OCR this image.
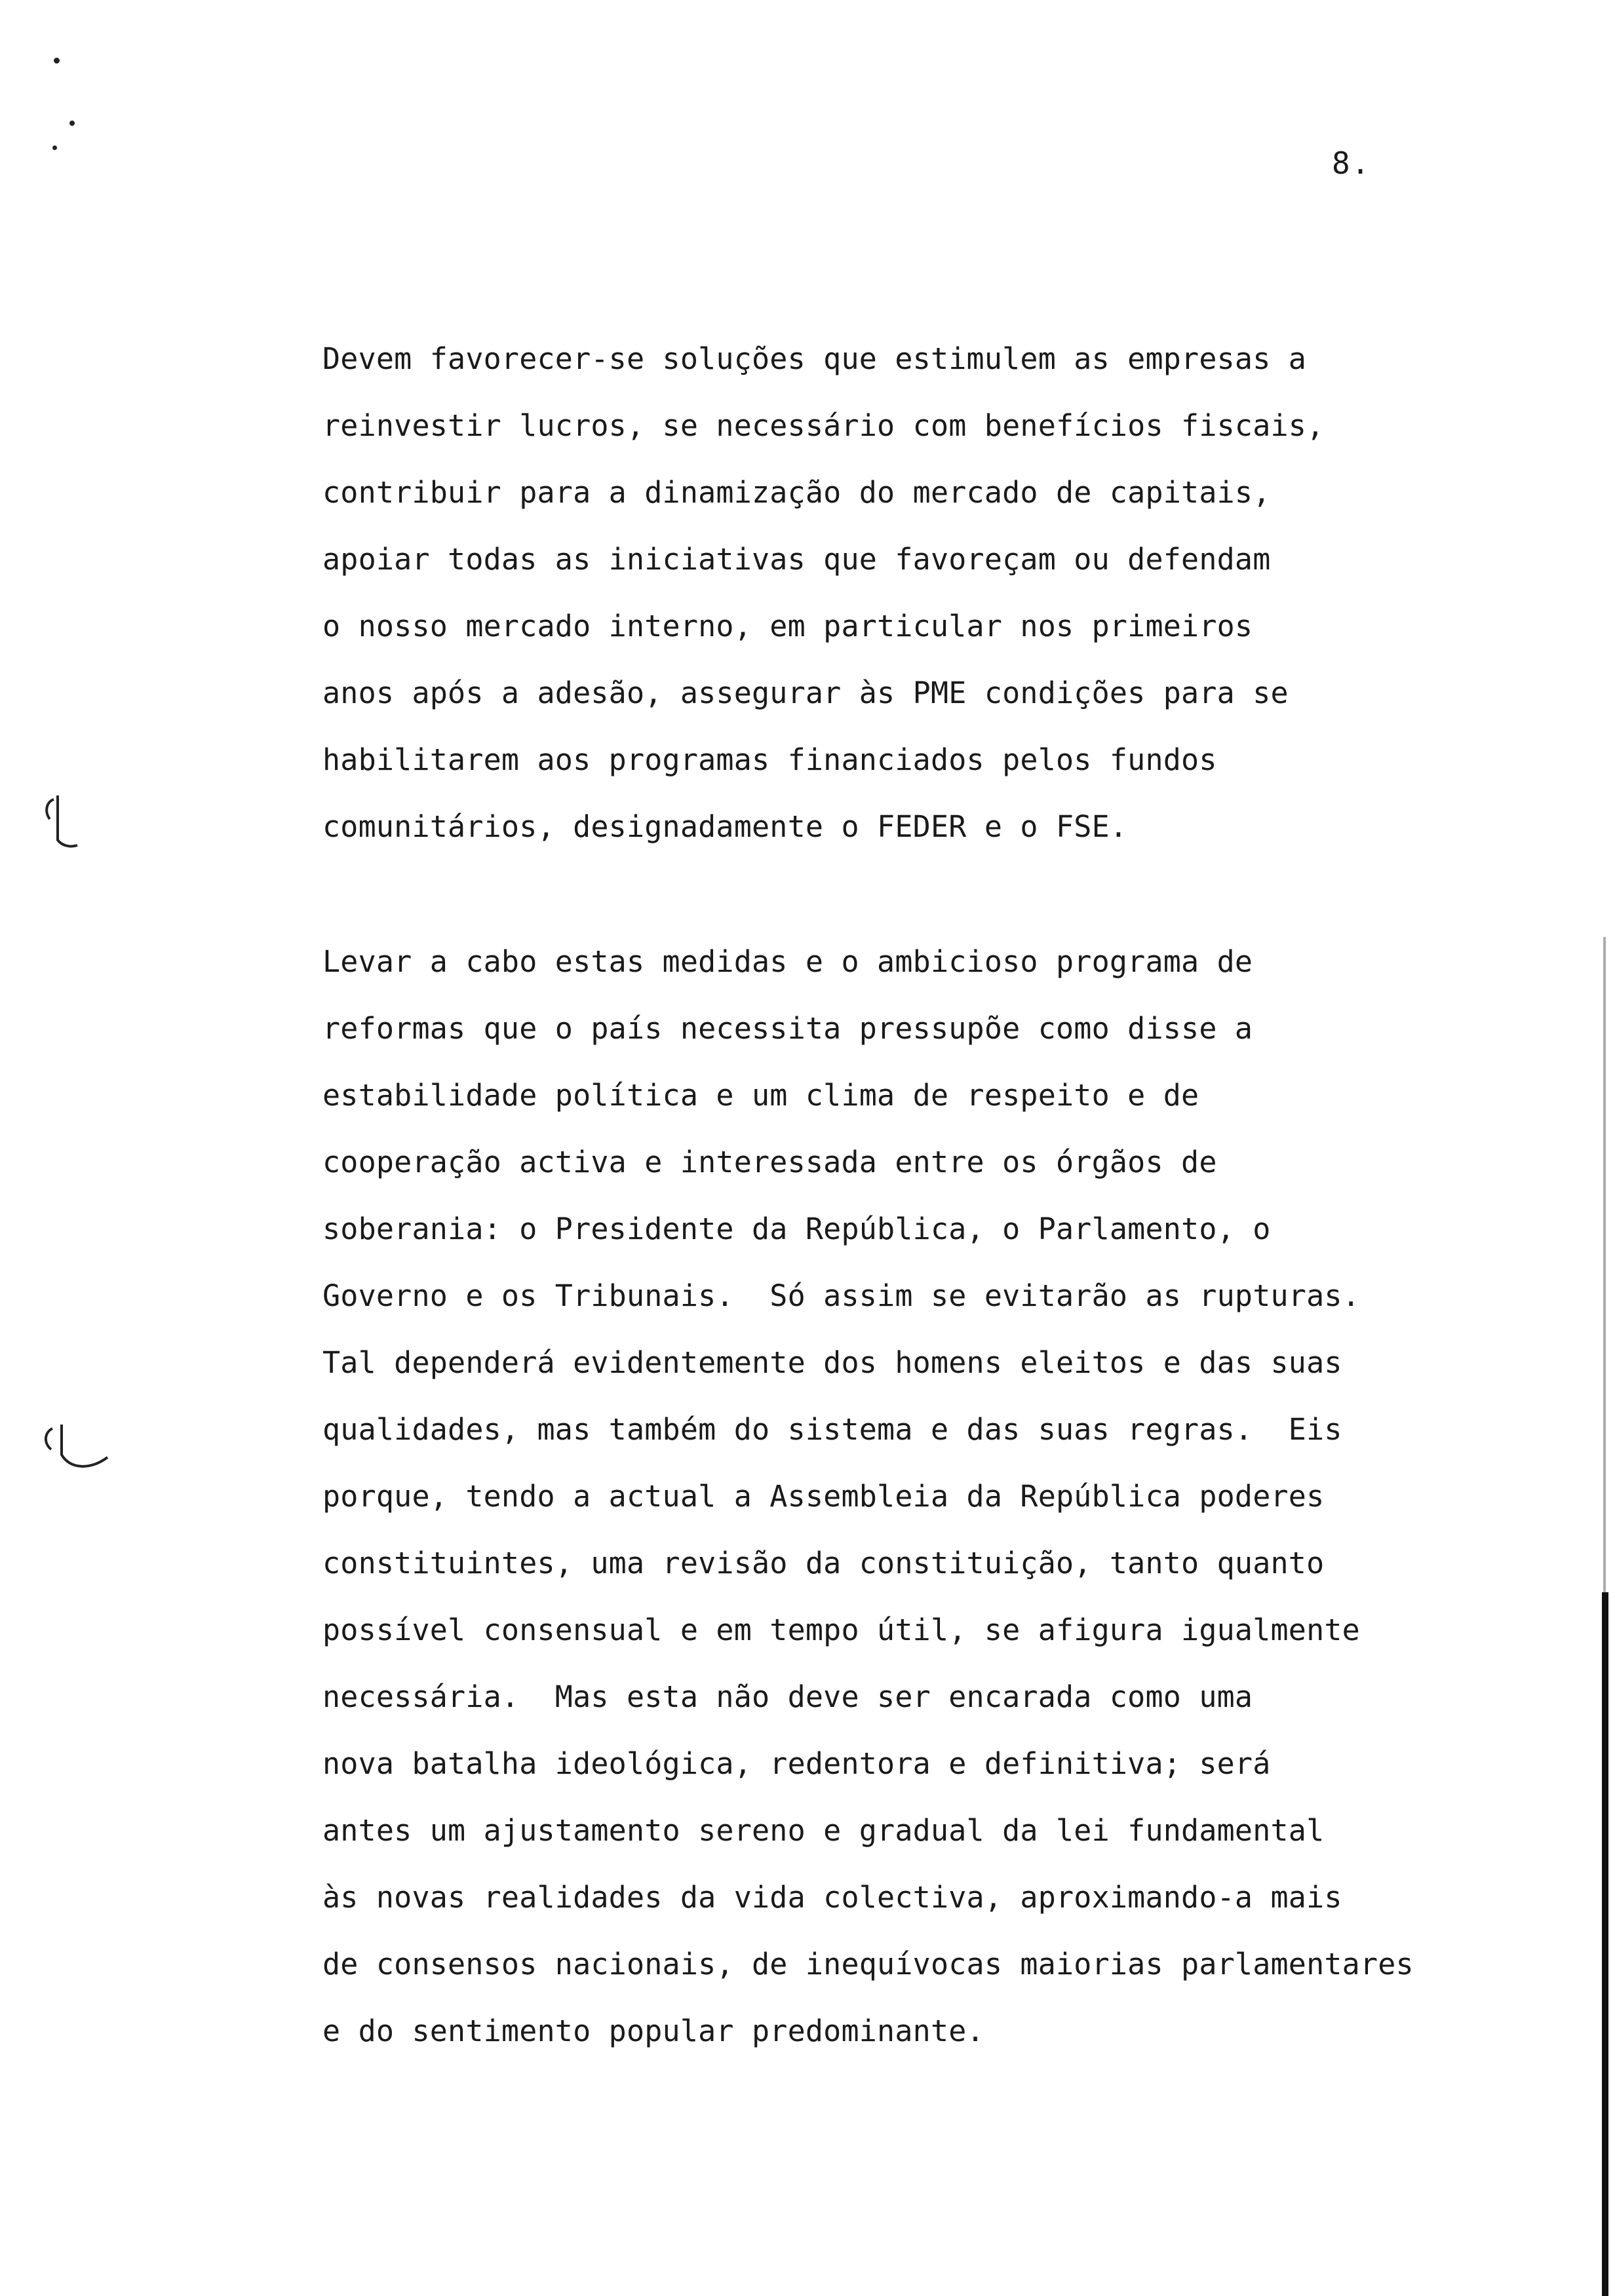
8.
Devem favorecer-se soluções que estimulem as empresas a
reinvestir lucros, se necessário com benefícios fiscais,
contribuir para a dinamização do mercado de capitais,
apoiar todas as iniciativas que favoreçam ou defendam
o nosso mercado interno, em particular nos primeiros
anos após a adesão, assegurar às PME condições para se
habilitarem aos programas financiados pelos fundos
comunitários, designadamente o FEDER e o FSE.
Levar a cabo estas medidas e o ambicioso programa de
reformas que o país necessita pressupõe como disse a
estabilidade política e um clima de respeito e de
cooperação activa e interessada entre os órgãos de
soberania: o Presidente da República, o Parlamento, o
Governo e os Tribunais.  Só assim se evitarão as rupturas.
Tal dependerá evidentemente dos homens eleitos e das suas
qualidades, mas também do sistema e das suas regras.  Eis
porque, tendo a actual a Assembleia da República poderes
constituintes, uma revisão da constituição, tanto quanto
possível consensual e em tempo útil, se afigura igualmente
necessária.  Mas esta não deve ser encarada como uma
nova batalha ideológica, redentora e definitiva; será
antes um ajustamento sereno e gradual da lei fundamental
às novas realidades da vida colectiva, aproximando-a mais
de consensos nacionais, de inequívocas maiorias parlamentares
e do sentimento popular predominante.
